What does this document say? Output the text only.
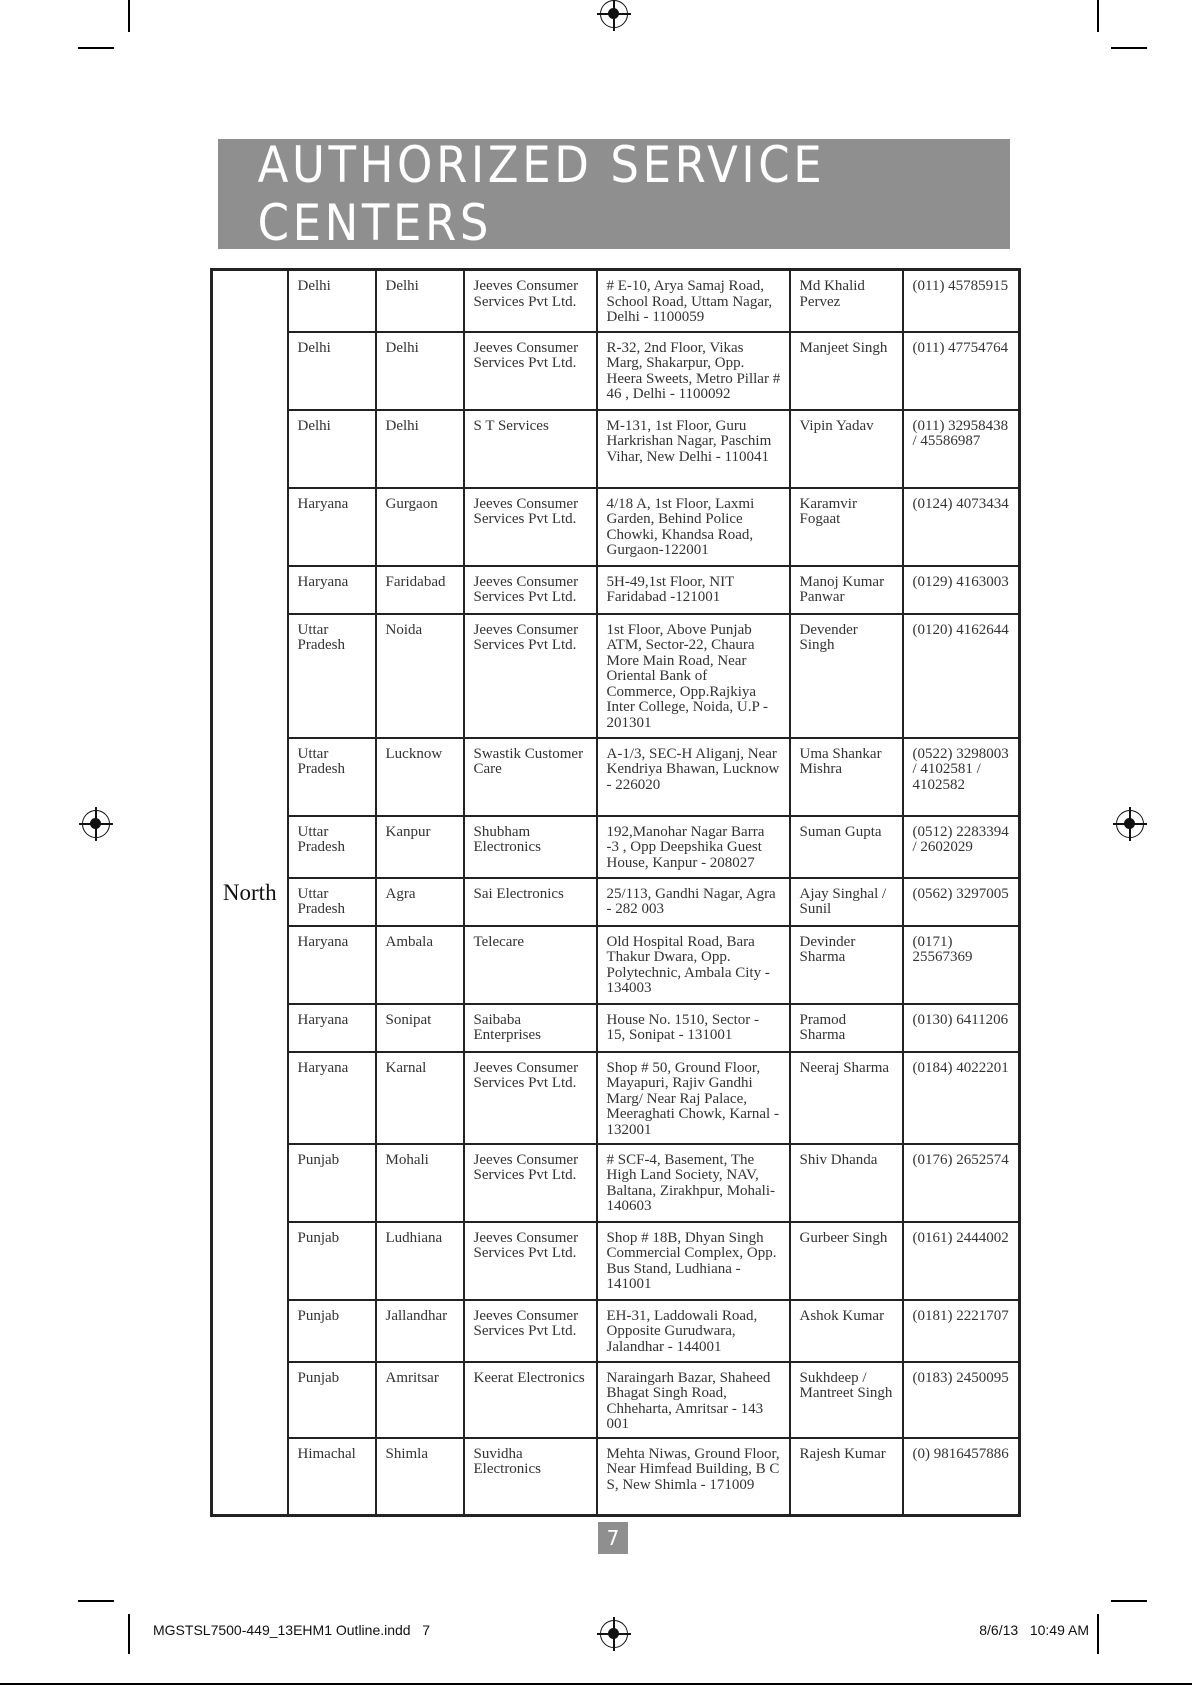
AUTHORIZED SERVICE CENTERS
North	Delhi	Delhi	Jeeves Consumer Services Pvt Ltd.	# E-10, Arya Samaj Road, School Road, Uttam Nagar, Delhi - 1100059	Md Khalid Pervez	(011) 45785915
	Delhi	Delhi	Jeeves Consumer Services Pvt Ltd.	R-32, 2nd Floor, Vikas Marg, Shakarpur, Opp. Heera Sweets, Metro Pillar # 46 , Delhi - 1100092	Manjeet Singh	(011) 47754764
	Delhi	Delhi	S T Services	M-131, 1st Floor, Guru Harkrishan Nagar, Paschim Vihar, New Delhi - 110041	Vipin Yadav	(011) 32958438 / 45586987
	Haryana	Gurgaon	Jeeves Consumer Services Pvt Ltd.	4/18 A, 1st Floor, Laxmi Garden, Behind Police Chowki, Khandsa Road, Gurgaon-122001	Karamvir Fogaat	(0124) 4073434
	Haryana	Faridabad	Jeeves Consumer Services Pvt Ltd.	5H-49,1st Floor, NIT Faridabad -121001	Manoj Kumar Panwar	(0129) 4163003
	Uttar Pradesh	Noida	Jeeves Consumer Services Pvt Ltd.	1st Floor, Above Punjab ATM, Sector-22, Chaura More Main Road, Near Oriental Bank of Commerce, Opp.Rajkiya Inter College, Noida, U.P - 201301	Devender Singh	(0120) 4162644
	Uttar Pradesh	Lucknow	Swastik Customer Care	A-1/3, SEC-H Aliganj, Near Kendriya Bhawan, Lucknow - 226020	Uma Shankar Mishra	(0522) 3298003 / 4102581 / 4102582
	Uttar Pradesh	Kanpur	Shubham Electronics	192,Manohar Nagar Barra -3 , Opp Deepshika Guest House, Kanpur - 208027	Suman Gupta	(0512) 2283394 / 2602029
	Uttar Pradesh	Agra	Sai Electronics	25/113, Gandhi Nagar, Agra - 282 003	Ajay Singhal / Sunil	(0562) 3297005
	Haryana	Ambala	Telecare	Old Hospital Road, Bara Thakur Dwara, Opp. Polytechnic, Ambala City - 134003	Devinder Sharma	(0171) 25567369
	Haryana	Sonipat	Saibaba Enterprises	House No. 1510, Sector - 15, Sonipat - 131001	Pramod Sharma	(0130) 6411206
	Haryana	Karnal	Jeeves Consumer Services Pvt Ltd.	Shop # 50, Ground Floor, Mayapuri, Rajiv Gandhi Marg/ Near Raj Palace, Meeraghati Chowk, Karnal - 132001	Neeraj Sharma	(0184) 4022201
	Punjab	Mohali	Jeeves Consumer Services Pvt Ltd.	# SCF-4, Basement, The High Land Society, NAV, Baltana, Zirakhpur, Mohali-140603	Shiv Dhanda	(0176) 2652574
	Punjab	Ludhiana	Jeeves Consumer Services Pvt Ltd.	Shop # 18B, Dhyan Singh Commercial Complex, Opp. Bus Stand, Ludhiana - 141001	Gurbeer Singh	(0161) 2444002
	Punjab	Jallandhar	Jeeves Consumer Services Pvt Ltd.	EH-31, Laddowali Road, Opposite Gurudwara, Jalandhar - 144001	Ashok Kumar	(0181) 2221707
	Punjab	Amritsar	Keerat Electronics	Naraingarh Bazar, Shaheed Bhagat Singh Road, Chheharta, Amritsar - 143 001	Sukhdeep / Mantreet Singh	(0183) 2450095
	Himachal	Shimla	Suvidha Electronics	Mehta Niwas, Ground Floor, Near Himfead Building, B C S, New Shimla - 171009	Rajesh Kumar	(0) 9816457886
7
MGSTSL7500-449_13EHM1 Outline.indd   7	8/6/13   10:49 AM
